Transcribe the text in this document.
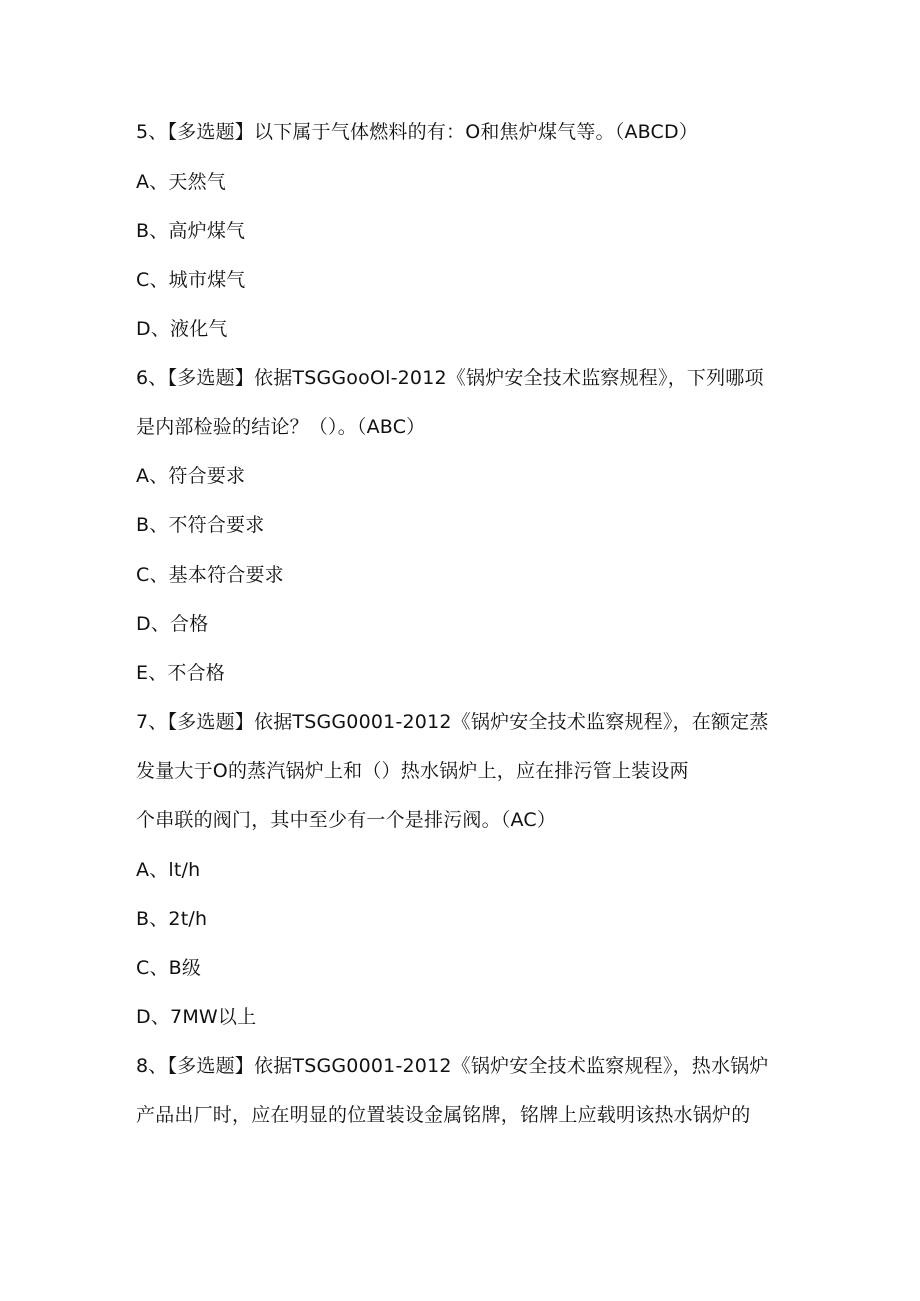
5、【多选题】以下属于气体燃料的有：O和焦炉煤气等。（ABCD）
A、天然气
B、高炉煤气
C、城市煤气
D、液化气
6、【多选题】依据TSGGooOl-2012《锅炉安全技术监察规程》，下列哪项
是内部检验的结论？（）。（ABC）
A、符合要求
B、不符合要求
C、基本符合要求
D、合格
E、不合格
7、【多选题】依据TSGG0001-2012《锅炉安全技术监察规程》，在额定蒸
发量大于O的蒸汽锅炉上和（）热水锅炉上，应在排污管上装设两
个串联的阀门，其中至少有一个是排污阀。（AC）
A、lt/h
B、2t∕h
C、B级
D、7MW以上
8、【多选题】依据TSGG0001-2012《锅炉安全技术监察规程》，热水锅炉
产品出厂时，应在明显的位置装设金属铭牌，铭牌上应载明该热水锅炉的
